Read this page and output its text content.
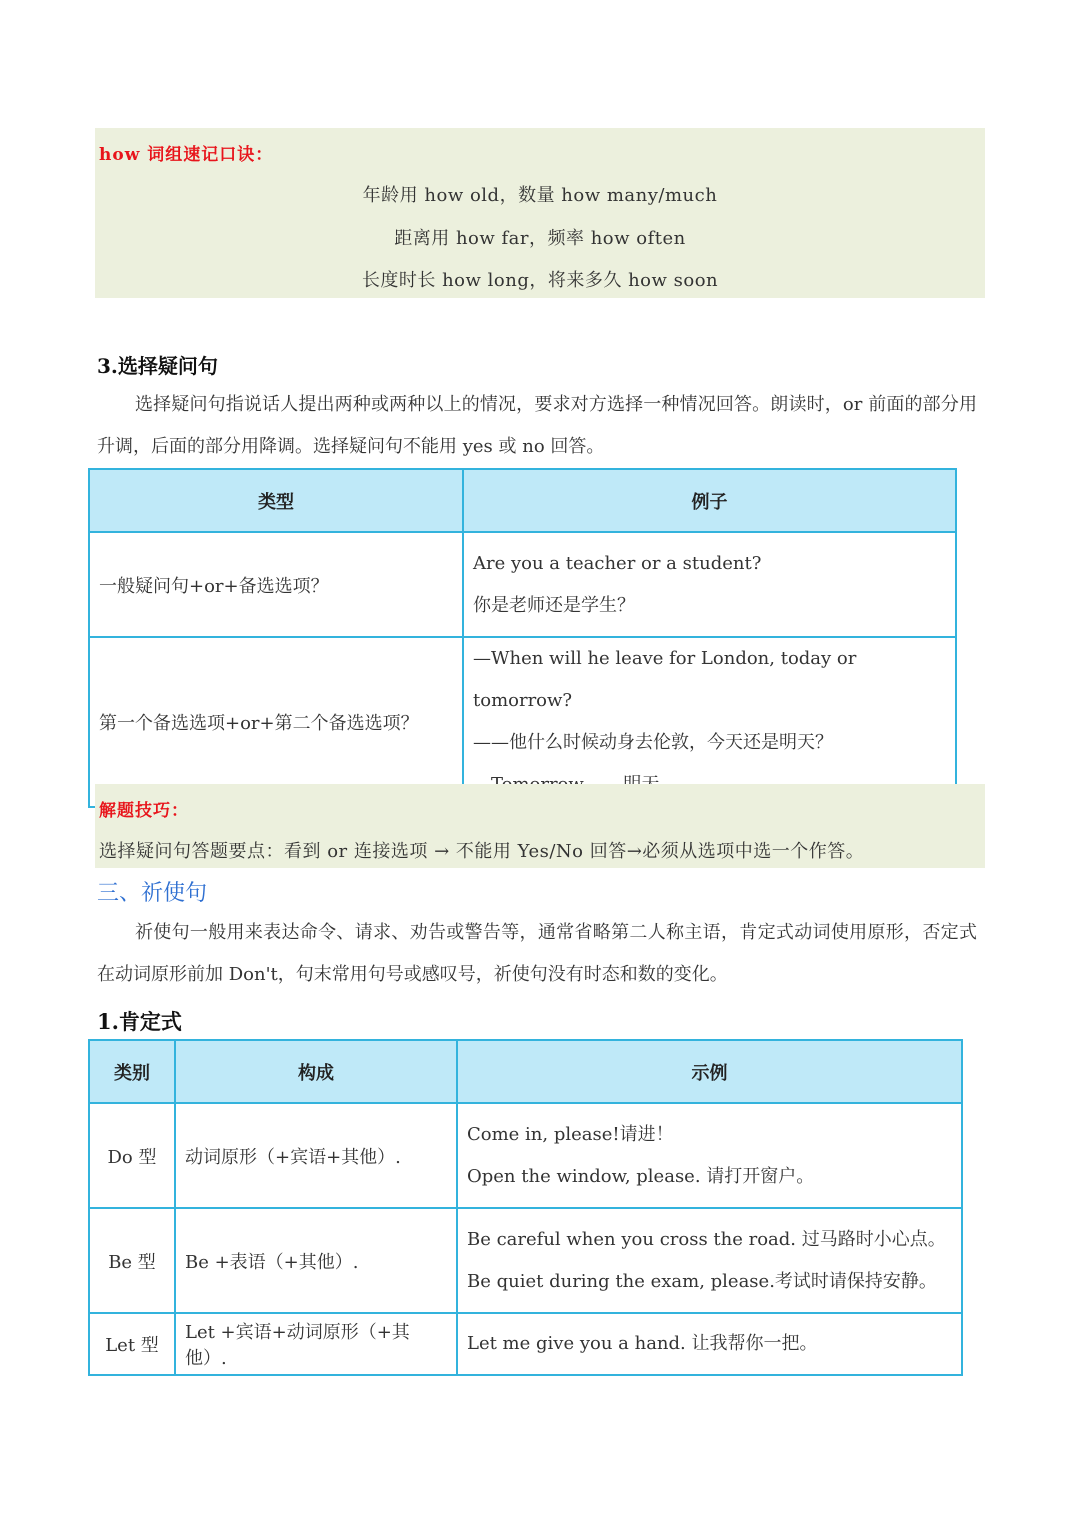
how 词组速记口诀：
年龄用 how old，数量 how many/much
距离用 how far，频率 how often
长度时长 how long，将来多久 how soon
3.选择疑问句
选择疑问句指说话人提出两种或两种以上的情况，要求对方选择一种情况回答。朗读时，or 前面的部分用升调，后面的部分用降调。选择疑问句不能用 yes 或 no 回答。
类型	例子
一般疑问句+or+备选选项？	Are you a teacher or a student?
你是老师还是学生？

第一个备选选项+or+第二个备选选项？	—When will he leave for London, today or tomorrow?
——他什么时候动身去伦敦，今天还是明天？
解题技巧：
选择疑问句答题要点：看到 or 连接选项 → 不能用 Yes/No 回答→必须从选项中选一个作答。
三、祈使句
祈使句一般用来表达命令、请求、劝告或警告等，通常省略第二人称主语，肯定式动词使用原形，否定式在动词原形前加 Don't，句末常用句号或感叹号，祈使句没有时态和数的变化。
1.肯定式
类别	构成	示例
Do 型	动词原形（+宾语+其他）.	Come in, please!请进！
Open the window, please. 请打开窗户。

Be 型	Be +表语（+其他）.	Be careful when you cross the road. 过马路时小心点。
Be quiet during the exam, please.考试时请保持安静。

Let 型	Let +宾语+动词原形（+其他）.	Let me give you a hand. 让我帮你一把。
